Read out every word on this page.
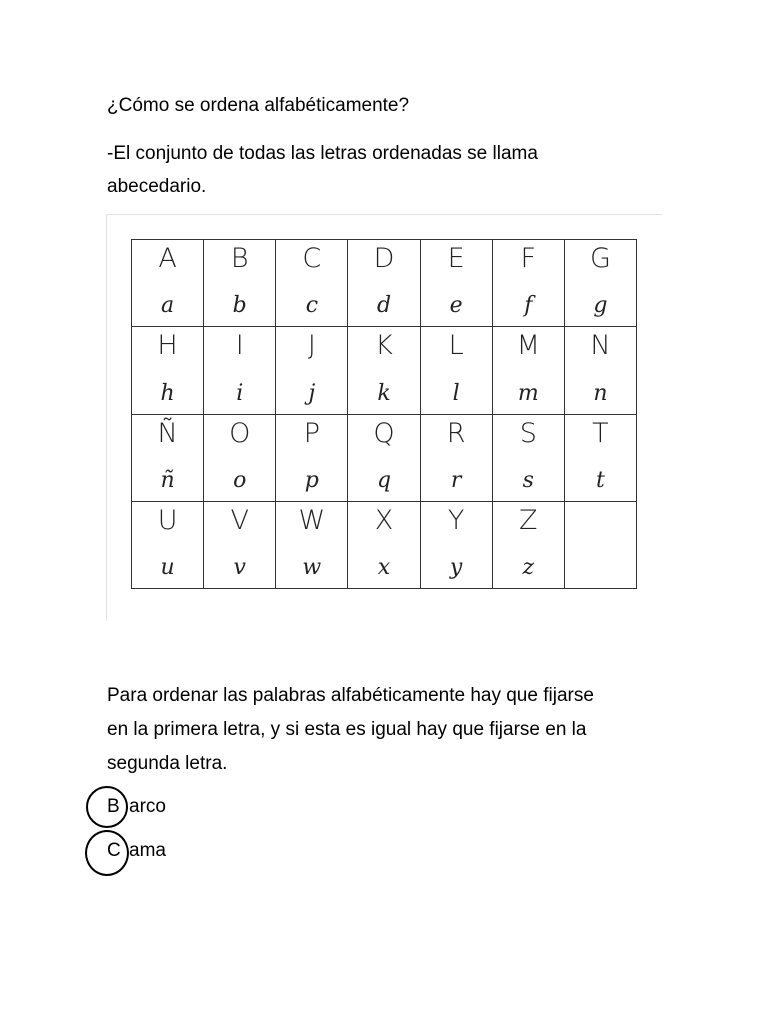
¿Cómo se ordena alfabéticamente?
-El conjunto de todas las letras ordenadas se llama
abecedario.
A
a
B
b
C
c
D
d
E
e
F
f
G
g
H
h
I
i
J
j
K
k
L
l
M
m
N
n
Ñ
ñ
O
o
P
p
Q
q
R
r
S
s
T
t
U
u
V
v
W
w
X
x
Y
y
Z
z
Para ordenar las palabras alfabéticamente hay que fijarse
en la primera letra, y si esta es igual hay que fijarse en la
segunda letra.
B arco
C ama
